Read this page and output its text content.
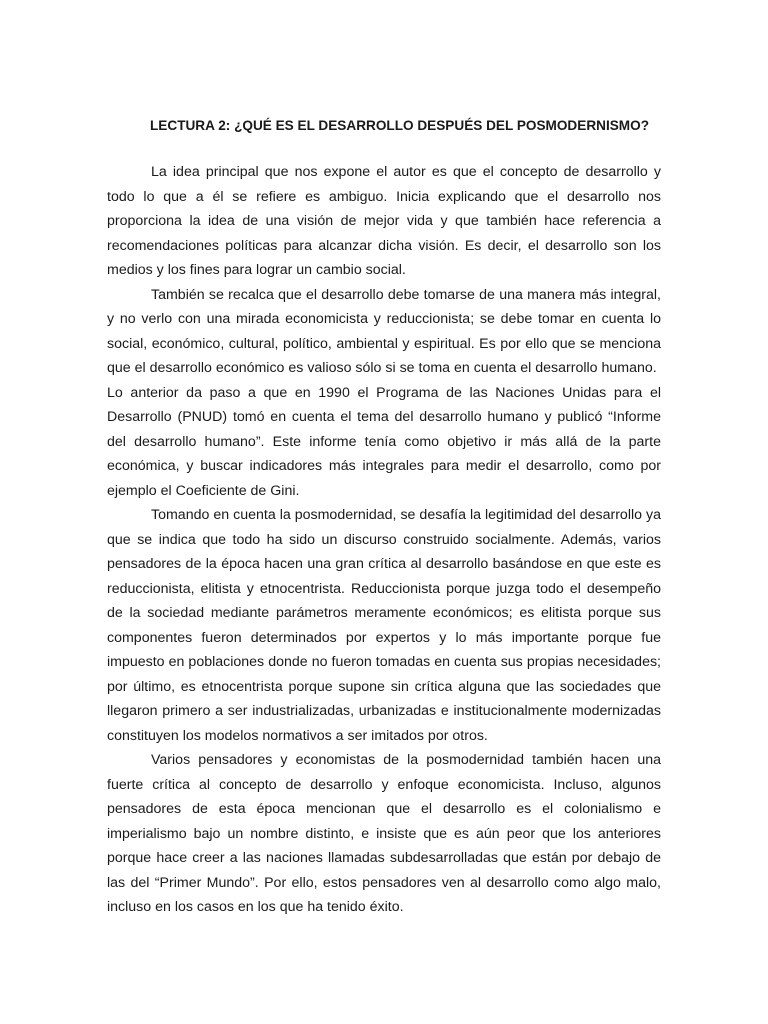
LECTURA 2: ¿QUÉ ES EL DESARROLLO DESPUÉS DEL POSMODERNISMO?

La idea principal que nos expone el autor es que el concepto de desarrollo y todo lo que a él se refiere es ambiguo. Inicia explicando que el desarrollo nos proporciona la idea de una visión de mejor vida y que también hace referencia a recomendaciones políticas para alcanzar dicha visión. Es decir, el desarrollo son los medios y los fines para lograr un cambio social.

También se recalca que el desarrollo debe tomarse de una manera más integral, y no verlo con una mirada economicista y reduccionista; se debe tomar en cuenta lo social, económico, cultural, político, ambiental y espiritual. Es por ello que se menciona que el desarrollo económico es valioso sólo si se toma en cuenta el desarrollo humano.

Lo anterior da paso a que en 1990 el Programa de las Naciones Unidas para el Desarrollo (PNUD) tomó en cuenta el tema del desarrollo humano y publicó “Informe del desarrollo humano”. Este informe tenía como objetivo ir más allá de la parte económica, y buscar indicadores más integrales para medir el desarrollo, como por ejemplo el Coeficiente de Gini.

Tomando en cuenta la posmodernidad, se desafía la legitimidad del desarrollo ya que se indica que todo ha sido un discurso construido socialmente. Además, varios pensadores de la época hacen una gran crítica al desarrollo basándose en que este es reduccionista, elitista y etnocentrista. Reduccionista porque juzga todo el desempeño de la sociedad mediante parámetros meramente económicos; es elitista porque sus componentes fueron determinados por expertos y lo más importante porque fue impuesto en poblaciones donde no fueron tomadas en cuenta sus propias necesidades; por último, es etnocentrista porque supone sin crítica alguna que las sociedades que llegaron primero a ser industrializadas, urbanizadas e institucionalmente modernizadas constituyen los modelos normativos a ser imitados por otros.

Varios pensadores y economistas de la posmodernidad también hacen una fuerte crítica al concepto de desarrollo y enfoque economicista. Incluso, algunos pensadores de esta época mencionan que el desarrollo es el colonialismo e imperialismo bajo un nombre distinto, e insiste que es aún peor que los anteriores porque hace creer a las naciones llamadas subdesarrolladas que están por debajo de las del “Primer Mundo”. Por ello, estos pensadores ven al desarrollo como algo malo, incluso en los casos en los que ha tenido éxito.
